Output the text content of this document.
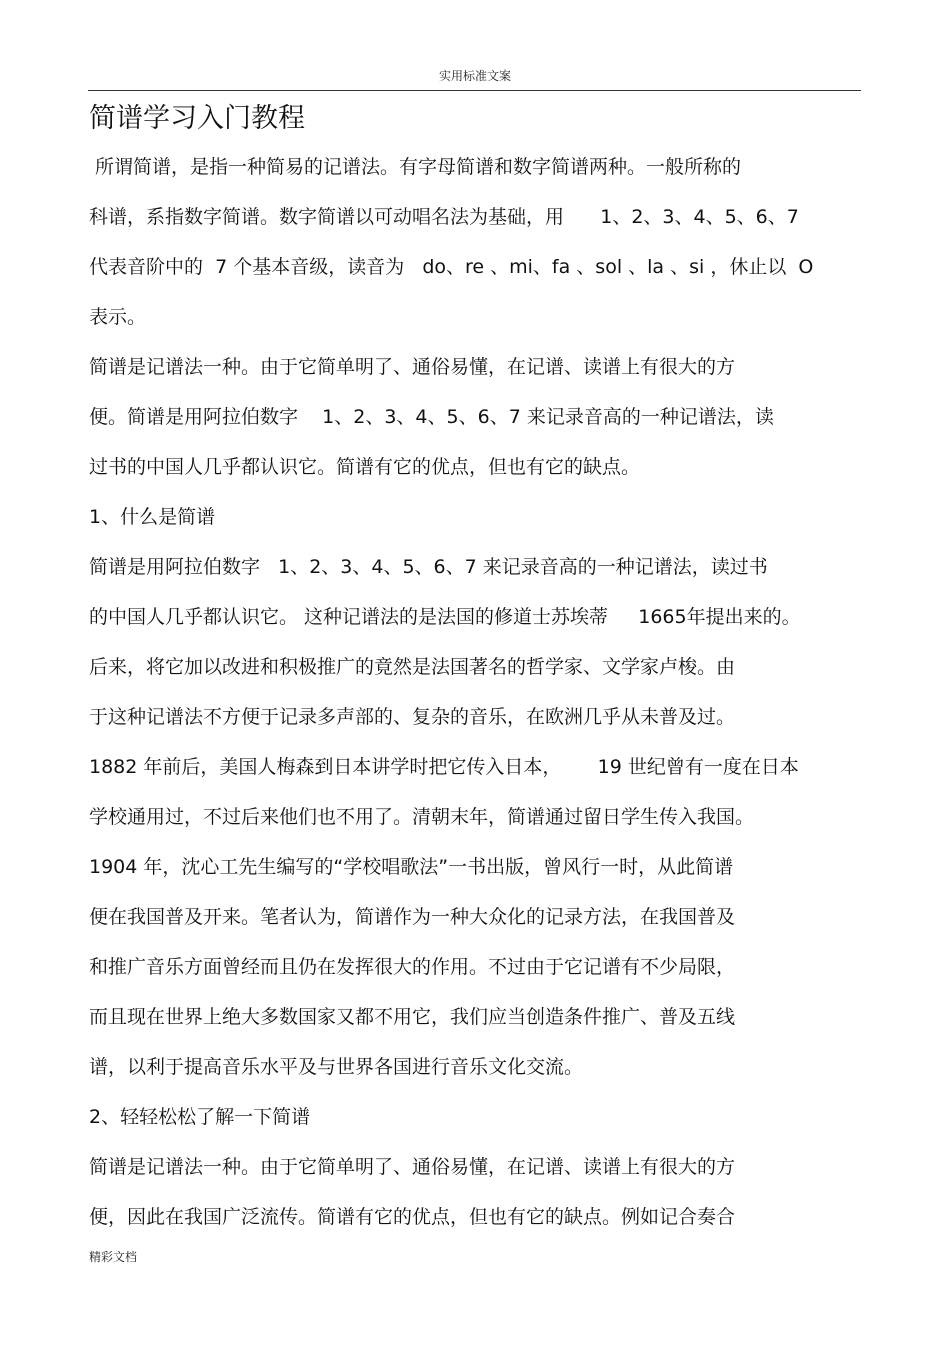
实用标准文案
简谱学习入门教程
所谓简谱，是指一种简易的记谱法。有字母简谱和数字简谱两种。一般所称的
科谱，系指数字简谱。数字简谱以可动唱名法为基础，用      1、2、3、4、5、6、7
代表音阶中的  7 个基本音级，读音为   do、re 、mi、fa 、sol 、la 、si ，休止以  O
表示。
简谱是记谱法一种。由于它简单明了、通俗易懂，在记谱、读谱上有很大的方
便。简谱是用阿拉伯数字    1、2、3、4、5、6、7 来记录音高的一种记谱法，读
过书的中国人几乎都认识它。简谱有它的优点，但也有它的缺点。
1、什么是简谱
简谱是用阿拉伯数字   1、2、3、4、5、6、7 来记录音高的一种记谱法，读过书
的中国人几乎都认识它。 这种记谱法的是法国的修道士苏埃蒂     1665年提出来的。
后来，将它加以改进和积极推广的竟然是法国著名的哲学家、文学家卢梭。由
于这种记谱法不方便于记录多声部的、复杂的音乐，在欧洲几乎从未普及过。
1882 年前后，美国人梅森到日本讲学时把它传入日本，      19 世纪曾有一度在日本
学校通用过，不过后来他们也不用了。清朝末年，简谱通过留日学生传入我国。
1904 年，沈心工先生编写的“学校唱歌法”一书出版，曾风行一时，从此简谱
便在我国普及开来。笔者认为，简谱作为一种大众化的记录方法，在我国普及
和推广音乐方面曾经而且仍在发挥很大的作用。不过由于它记谱有不少局限，
而且现在世界上绝大多数国家又都不用它，我们应当创造条件推广、普及五线
谱，以利于提高音乐水平及与世界各国进行音乐文化交流。
2、轻轻松松了解一下简谱
简谱是记谱法一种。由于它简单明了、通俗易懂，在记谱、读谱上有很大的方
便，因此在我国广泛流传。简谱有它的优点，但也有它的缺点。例如记合奏合
精彩文档
